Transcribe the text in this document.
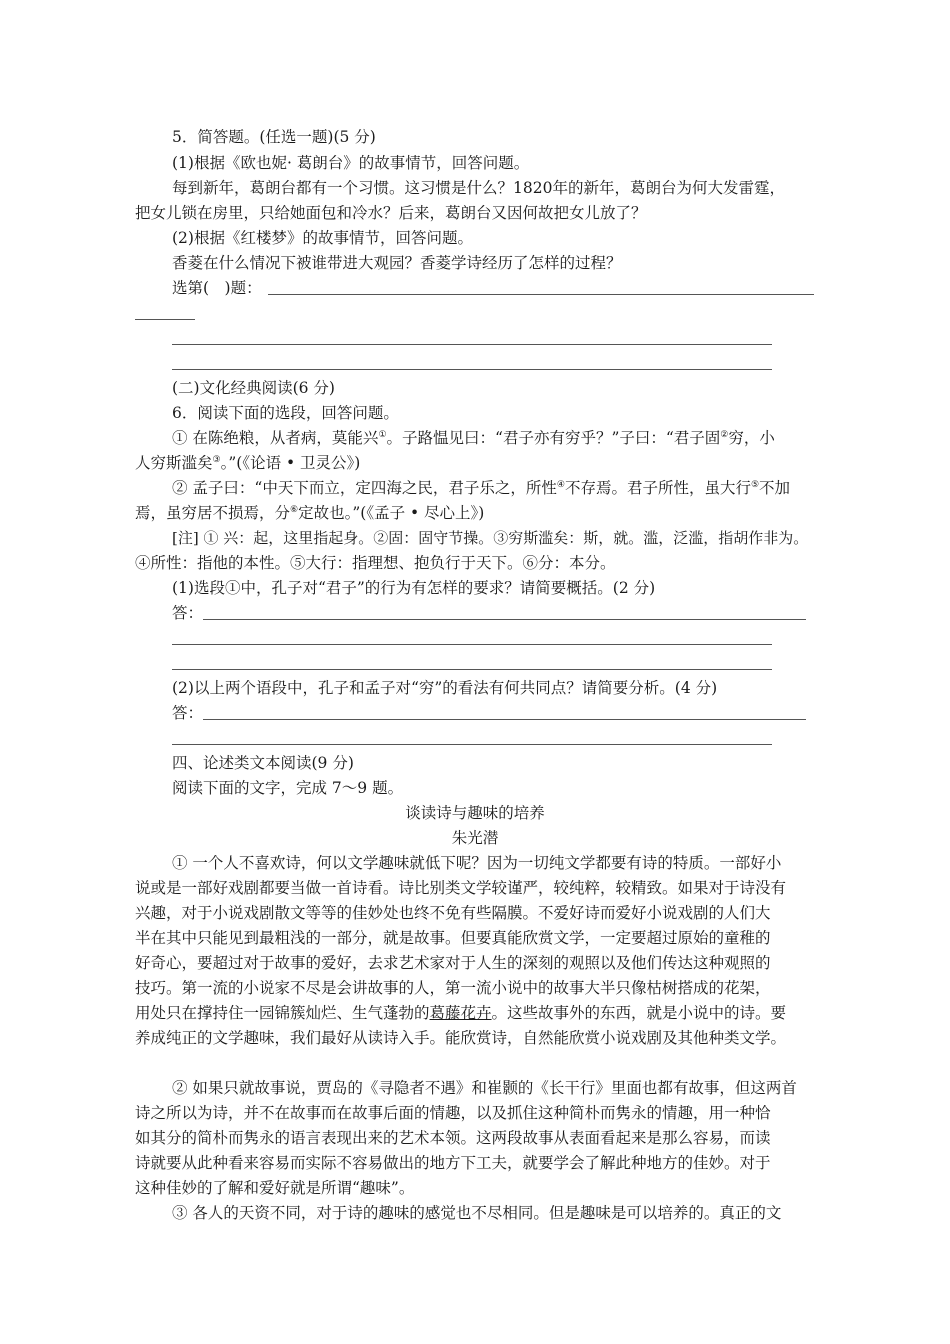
5．简答题。(任选一题)(5 分)
(1)根据《欧也妮· 葛朗台》的故事情节，回答问题。
每到新年，葛朗台都有一个习惯。这习惯是什么？1820年的新年，葛朗台为何大发雷霆，
把女儿锁在房里，只给她面包和冷水？后来，葛朗台又因何故把女儿放了？
(2)根据《红楼梦》的故事情节，回答问题。
香菱在什么情况下被谁带进大观园？香菱学诗经历了怎样的过程？
选第(　)题：
(二)文化经典阅读(6 分)
6．阅读下面的选段，回答问题。
① 在陈绝粮，从者病，莫能兴①。子路愠见曰：“君子亦有穷乎？”子曰：“君子固②穷，小
人穷斯滥矣③。”(《论语 • 卫灵公》)
② 孟子曰：“中天下而立，定四海之民，君子乐之，所性④不存焉。君子所性，虽大行⑤不加
焉，虽穷居不损焉，分⑥定故也。”(《孟子 • 尽心上》)
[注] ① 兴：起，这里指起身。②固：固守节操。③穷斯滥矣：斯，就。滥，泛滥，指胡作非为。
④所性：指他的本性。⑤大行：指理想、抱负行于天下。⑥分：本分。
(1)选段①中，孔子对“君子”的行为有怎样的要求？请简要概括。(2 分)
答：
(2)以上两个语段中，孔子和孟子对“穷”的看法有何共同点？请简要分析。(4 分)
答：
四、论述类文本阅读(9 分)
阅读下面的文字，完成 7～9 题。
谈读诗与趣味的培养
朱光潜
① 一个人不喜欢诗，何以文学趣味就低下呢？因为一切纯文学都要有诗的特质。一部好小
说或是一部好戏剧都要当做一首诗看。诗比别类文学较谨严，较纯粹，较精致。如果对于诗没有
兴趣，对于小说戏剧散文等等的佳妙处也终不免有些隔膜。不爱好诗而爱好小说戏剧的人们大
半在其中只能见到最粗浅的一部分，就是故事。但要真能欣赏文学，一定要超过原始的童稚的
好奇心，要超过对于故事的爱好，去求艺术家对于人生的深刻的观照以及他们传达这种观照的
技巧。第一流的小说家不尽是会讲故事的人，第一流小说中的故事大半只像枯树搭成的花架，
用处只在撑持住一园锦簇灿烂、生气蓬勃的葛藤花卉。这些故事外的东西，就是小说中的诗。要
养成纯正的文学趣味，我们最好从读诗入手。能欣赏诗，自然能欣赏小说戏剧及其他种类文学。
② 如果只就故事说，贾岛的《寻隐者不遇》和崔颢的《长干行》里面也都有故事，但这两首
诗之所以为诗，并不在故事而在故事后面的情趣，以及抓住这种简朴而隽永的情趣，用一种恰
如其分的简朴而隽永的语言表现出来的艺术本领。这两段故事从表面看起来是那么容易，而读
诗就要从此种看来容易而实际不容易做出的地方下工夫，就要学会了解此种地方的佳妙。对于
这种佳妙的了解和爱好就是所谓“趣味”。
③ 各人的天资不同，对于诗的趣味的感觉也不尽相同。但是趣味是可以培养的。真正的文
